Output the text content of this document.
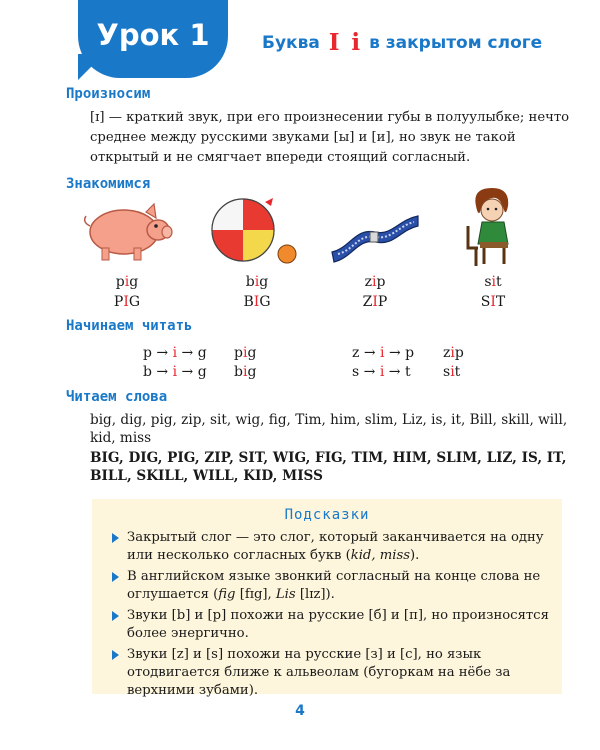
Урок 1	Буква I i в закрытом слоге
Произносим
[ɪ] — краткий звук, при его произнесении губы в полуулыбке; нечто среднее между русскими звуками [ы] и [и], но звук не такой открытый и не смягчает впереди стоящий согласный.
Знакомимся
pig
PIG
big
BIG
zip
ZIP
sit
SIT
Начинаем читать
p → i → g pig
b → i → g big
z → i → p zip
s → i → t sit
Читаем слова
big, dig, pig, zip, sit, wig, fig, Tim, him, slim, Liz, is, it, Bill, skill, will, kid, miss
BIG, DIG, PIG, ZIP, SIT, WIG, FIG, TIM, HIM, SLIM, LIZ, IS, IT, BILL, SKILL, WILL, KID, MISS
Подсказки
Закрытый слог — это слог, который заканчивается на одну или несколько согласных букв (kid, miss).
В английском языке звонкий согласный на конце слова не оглушается (fig [fɪg], Lis [lɪz]).
Звуки [b] и [p] похожи на русские [б] и [п], но произносятся более энергично.
Звуки [z] и [s] похожи на русские [з] и [с], но язык отодвигается ближе к альвеолам (бугоркам на нёбе за верхними зубами).
4
